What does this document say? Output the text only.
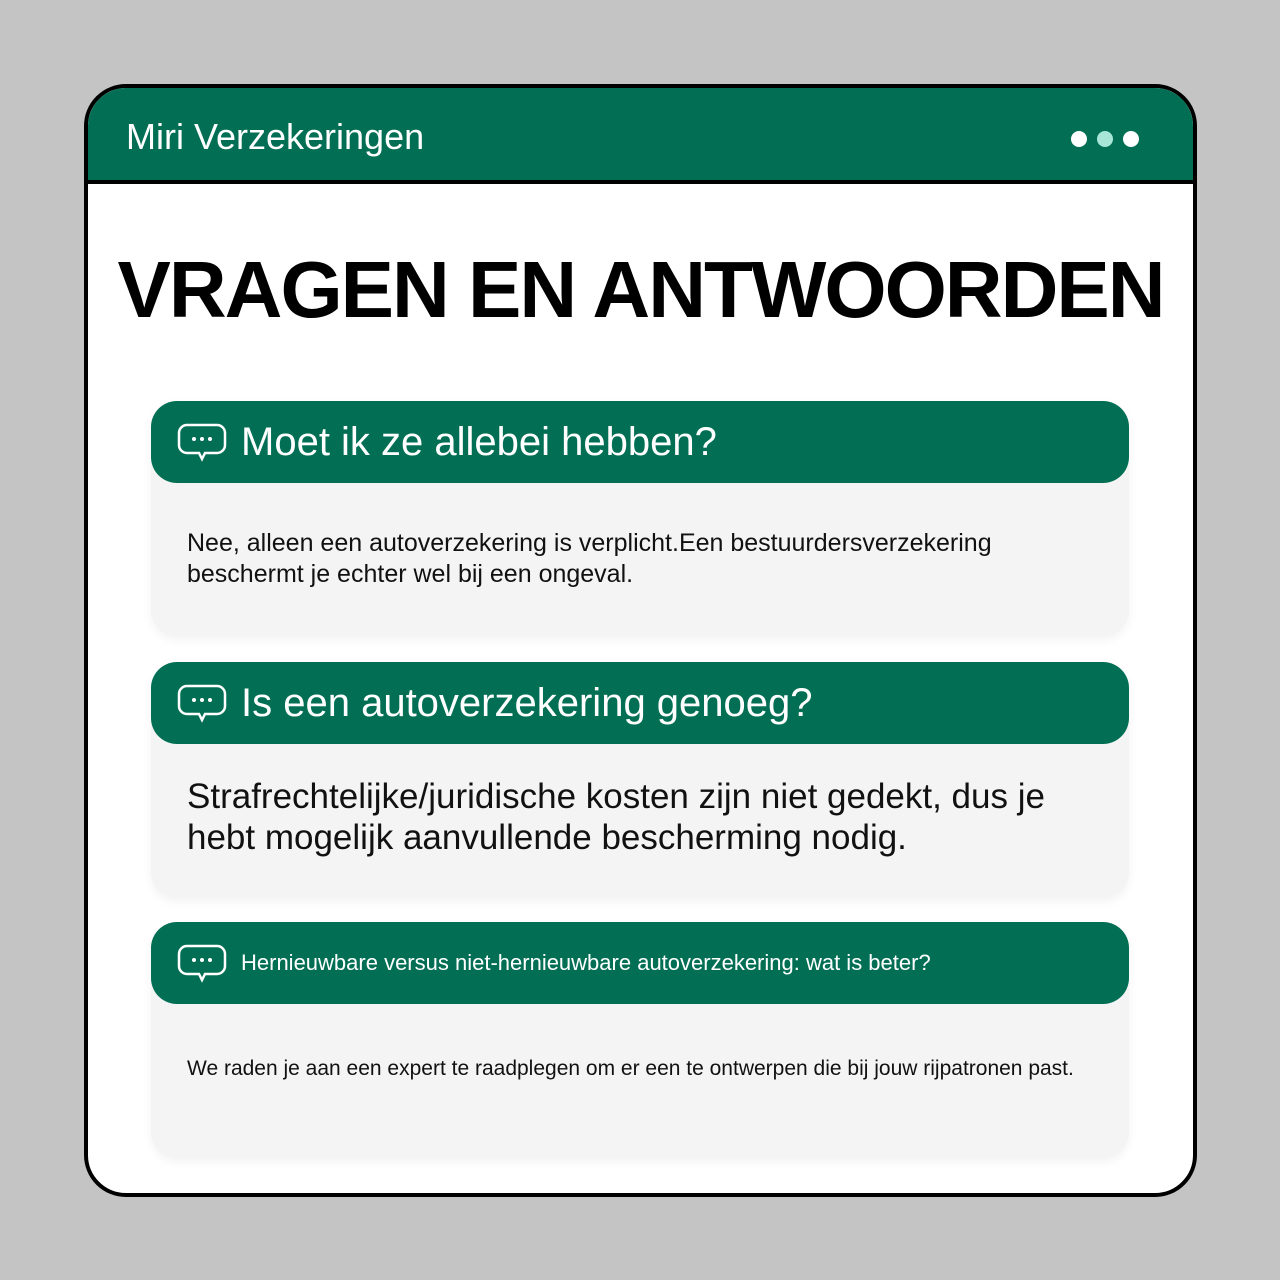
Miri Verzekeringen
VRAGEN EN ANTWOORDEN
Moet ik ze allebei hebben?
Nee, alleen een autoverzekering is verplicht.Een bestuurdersverzekering beschermt je echter wel bij een ongeval.
Is een autoverzekering genoeg?
Strafrechtelijke/juridische kosten zijn niet gedekt, dus je hebt mogelijk aanvullende bescherming nodig.
Hernieuwbare versus niet-hernieuwbare autoverzekering: wat is beter?
We raden je aan een expert te raadplegen om er een te ontwerpen die bij jouw rijpatronen past.
